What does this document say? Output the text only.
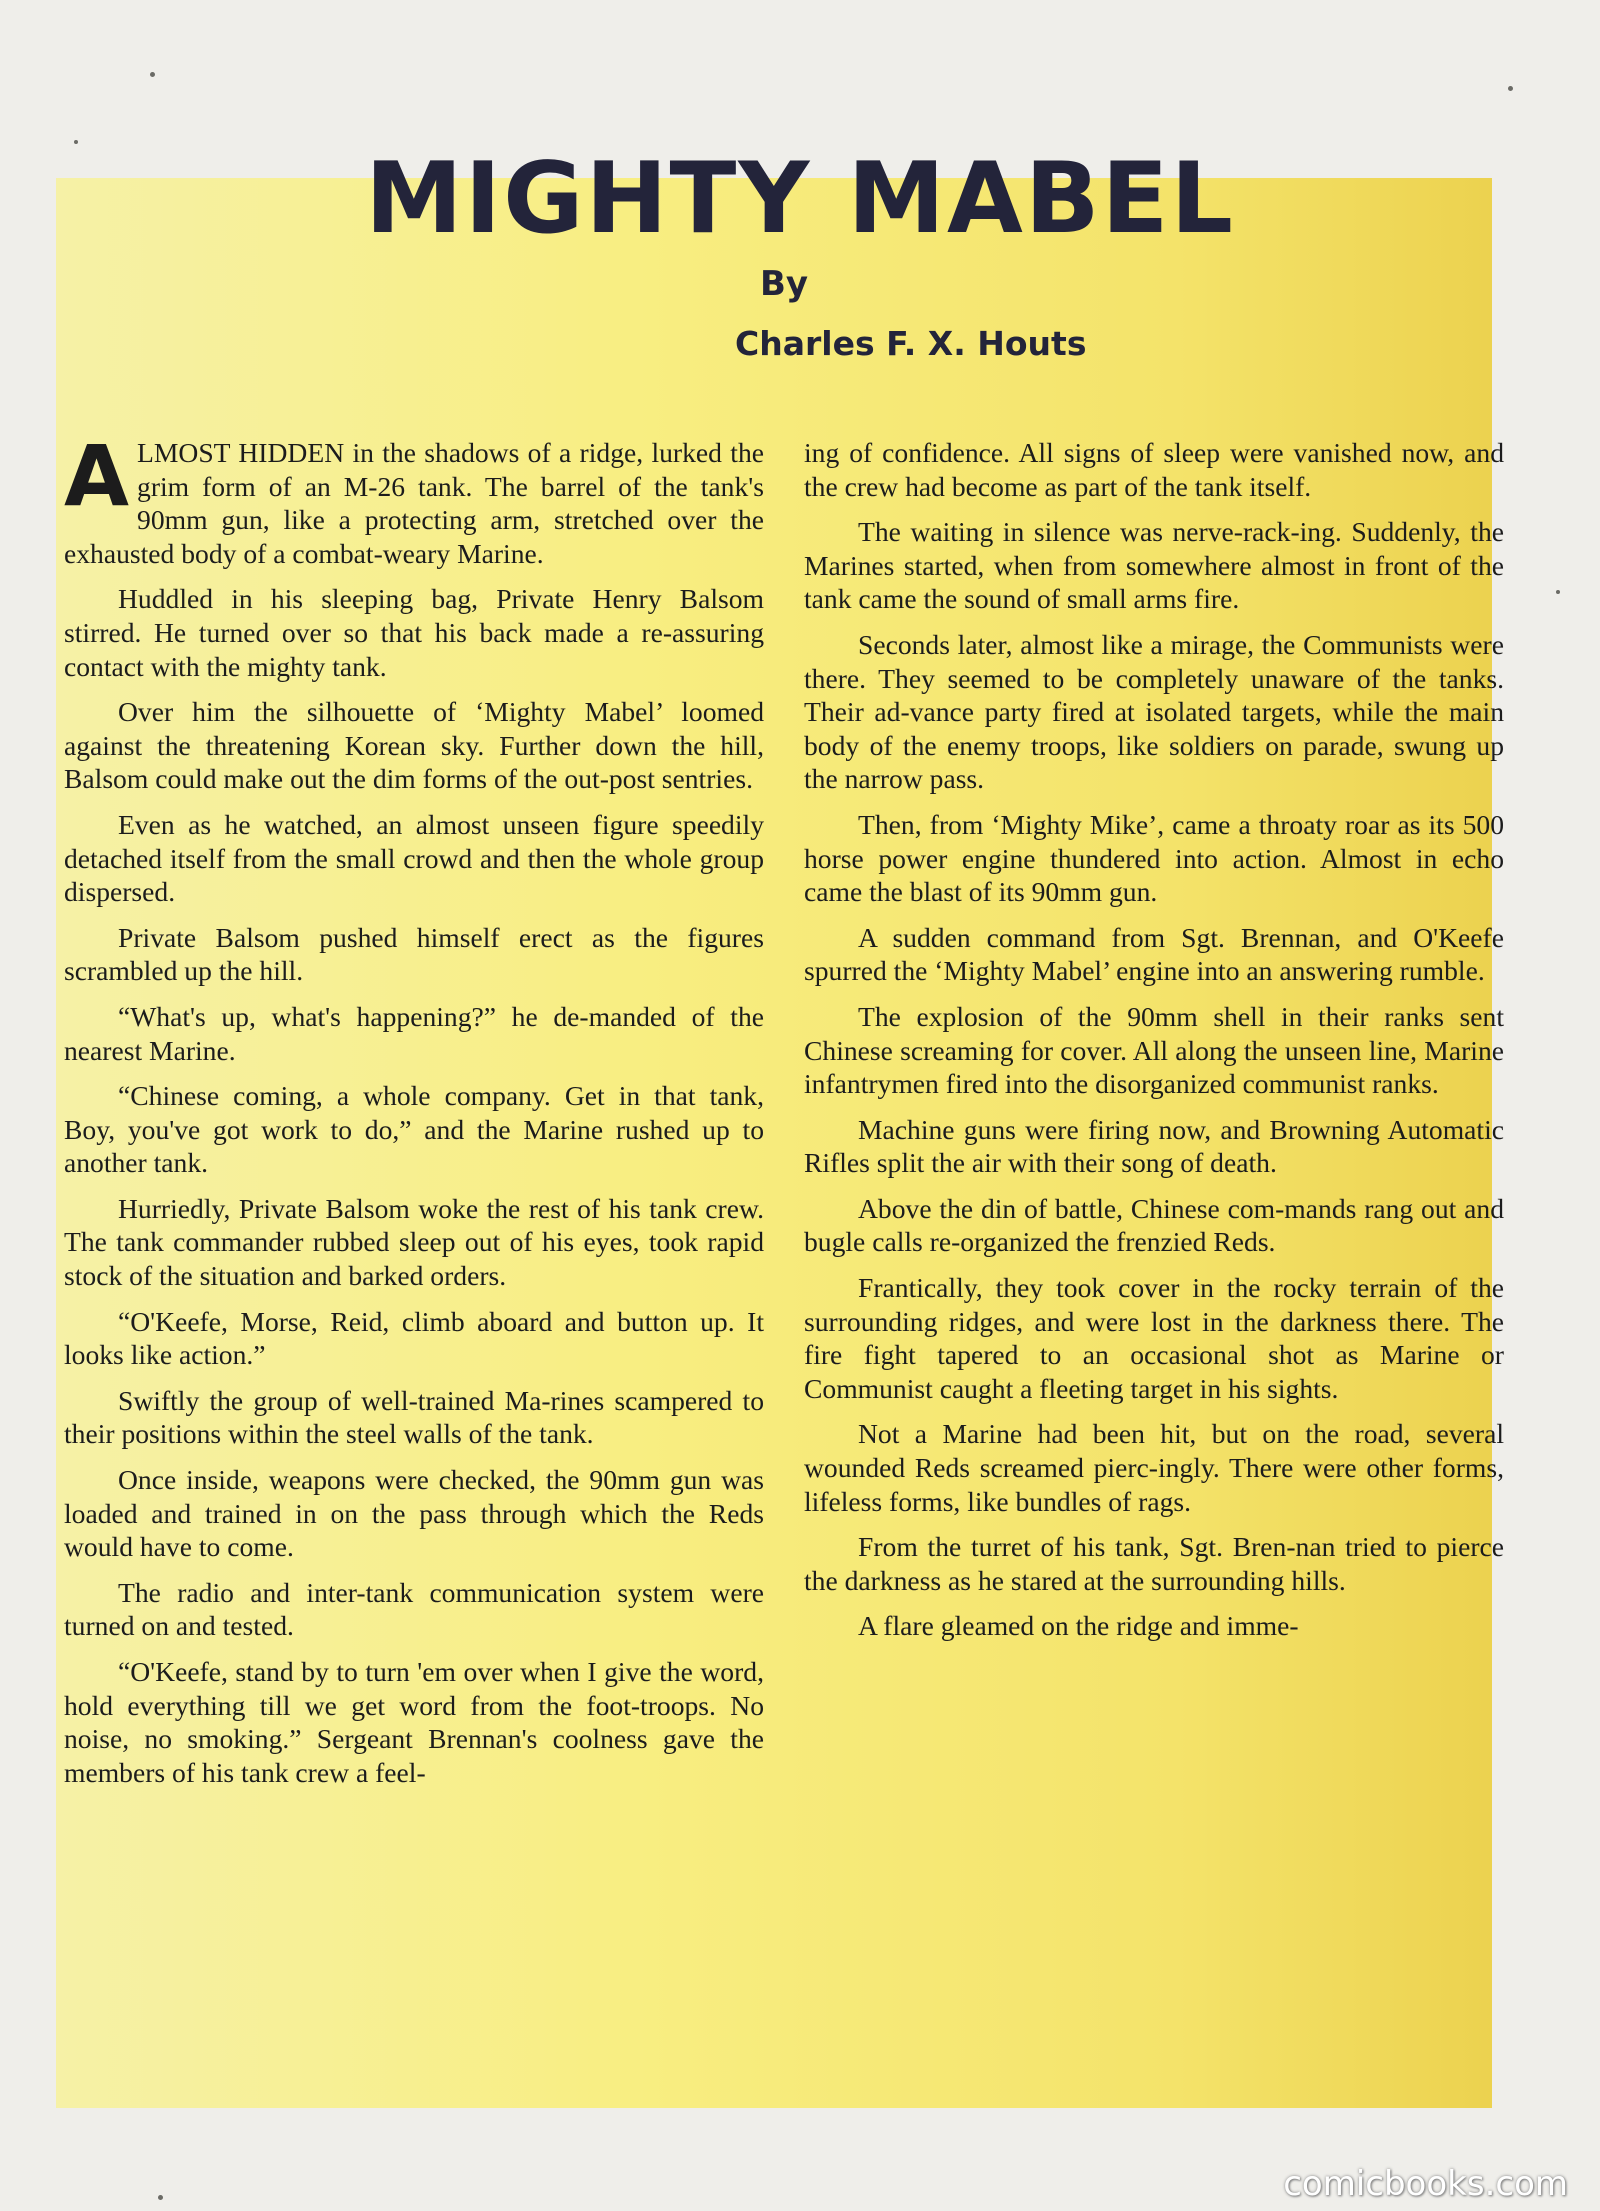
MIGHTY MABEL
By
Charles F. X. Houts

ALMOST HIDDEN in the shadows of a ridge, lurked the grim form of an M-26 tank. The barrel of the tank's 90mm gun, like a protecting arm, stretched over the exhausted body of a combat-weary Marine.

Huddled in his sleeping bag, Private Henry Balsom stirred. He turned over so that his back made a re-assuring contact with the mighty tank.

Over him the silhouette of ‘Mighty Mabel’ loomed against the threatening Korean sky. Further down the hill, Balsom could make out the dim forms of the out-post sentries.

Even as he watched, an almost unseen figure speedily detached itself from the small crowd and then the whole group dispersed.

Private Balsom pushed himself erect as the figures scrambled up the hill.

“What's up, what's happening?” he de-manded of the nearest Marine.

“Chinese coming, a whole company. Get in that tank, Boy, you've got work to do,” and the Marine rushed up to another tank.

Hurriedly, Private Balsom woke the rest of his tank crew. The tank commander rubbed sleep out of his eyes, took rapid stock of the situation and barked orders.

“O'Keefe, Morse, Reid, climb aboard and button up. It looks like action.”

Swiftly the group of well-trained Ma-rines scampered to their positions within the steel walls of the tank.

Once inside, weapons were checked, the 90mm gun was loaded and trained in on the pass through which the Reds would have to come.

The radio and inter-tank communication system were turned on and tested.

“O'Keefe, stand by to turn 'em over when I give the word, hold everything till we get word from the foot-troops. No noise, no smoking.” Sergeant Brennan's coolness gave the members of his tank crew a feel-

ing of confidence. All signs of sleep were vanished now, and the crew had become as part of the tank itself.

The waiting in silence was nerve-rack-ing. Suddenly, the Marines started, when from somewhere almost in front of the tank came the sound of small arms fire.

Seconds later, almost like a mirage, the Communists were there. They seemed to be completely unaware of the tanks. Their ad-vance party fired at isolated targets, while the main body of the enemy troops, like soldiers on parade, swung up the narrow pass.

Then, from ‘Mighty Mike’, came a throaty roar as its 500 horse power engine thundered into action. Almost in echo came the blast of its 90mm gun.

A sudden command from Sgt. Brennan, and O'Keefe spurred the ‘Mighty Mabel’ engine into an answering rumble.

The explosion of the 90mm shell in their ranks sent Chinese screaming for cover. All along the unseen line, Marine infantrymen fired into the disorganized communist ranks.

Machine guns were firing now, and Browning Automatic Rifles split the air with their song of death.

Above the din of battle, Chinese com-mands rang out and bugle calls re-organized the frenzied Reds.

Frantically, they took cover in the rocky terrain of the surrounding ridges, and were lost in the darkness there. The fire fight tapered to an occasional shot as Marine or Communist caught a fleeting target in his sights.

Not a Marine had been hit, but on the road, several wounded Reds screamed pierc-ingly. There were other forms, lifeless forms, like bundles of rags.

From the turret of his tank, Sgt. Bren-nan tried to pierce the darkness as he stared at the surrounding hills.

A flare gleamed on the ridge and imme-

comicbooks.com
